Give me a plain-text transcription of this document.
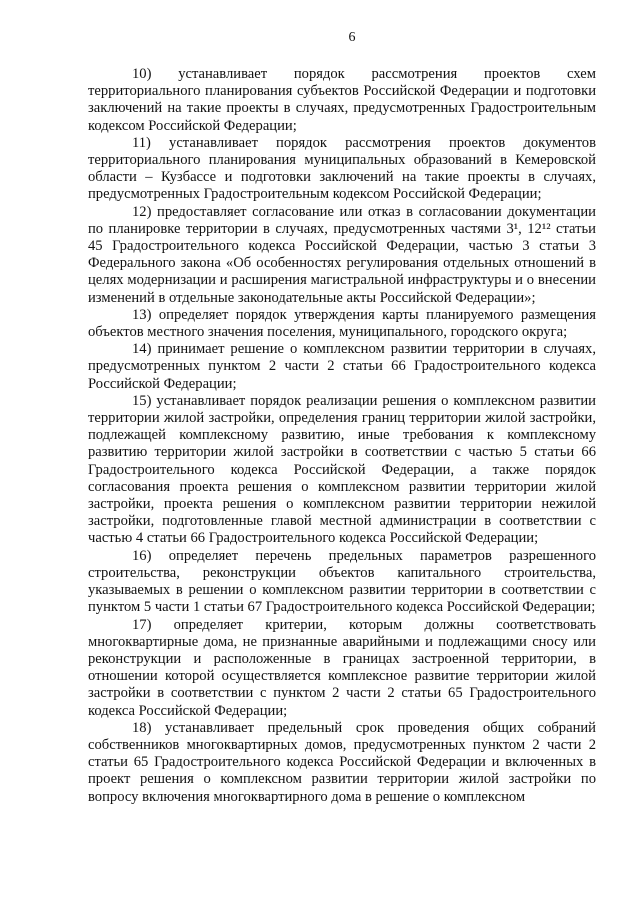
6

10) устанавливает порядок рассмотрения проектов схем территориального планирования субъектов Российской Федерации и подготовки заключений на такие проекты в случаях, предусмотренных Градостроительным кодексом Российской Федерации;

11) устанавливает порядок рассмотрения проектов документов территориального планирования муниципальных образований в Кемеровской области – Кузбассе и подготовки заключений на такие проекты в случаях, предусмотренных Градостроительным кодексом Российской Федерации;

12) предоставляет согласование или отказ в согласовании документации по планировке территории в случаях, предусмотренных частями 3¹, 12¹² статьи 45 Градостроительного кодекса Российской Федерации, частью 3 статьи 3 Федерального закона «Об особенностях регулирования отдельных отношений в целях модернизации и расширения магистральной инфраструктуры и о внесении изменений в отдельные законодательные акты Российской Федерации»;

13) определяет порядок утверждения карты планируемого размещения объектов местного значения поселения, муниципального, городского округа;

14) принимает решение о комплексном развитии территории в случаях, предусмотренных пунктом 2 части 2 статьи 66 Градостроительного кодекса Российской Федерации;

15) устанавливает порядок реализации решения о комплексном развитии территории жилой застройки, определения границ территории жилой застройки, подлежащей комплексному развитию, иные требования к комплексному развитию территории жилой застройки в соответствии с частью 5 статьи 66 Градостроительного кодекса Российской Федерации, а также порядок согласования проекта решения о комплексном развитии территории жилой застройки, проекта решения о комплексном развитии территории нежилой застройки, подготовленные главой местной администрации в соответствии с частью 4 статьи 66 Градостроительного кодекса Российской Федерации;

16) определяет перечень предельных параметров разрешенного строительства, реконструкции объектов капитального строительства, указываемых в решении о комплексном развитии территории в соответствии с пунктом 5 части 1 статьи 67 Градостроительного кодекса Российской Федерации;

17) определяет критерии, которым должны соответствовать многоквартирные дома, не признанные аварийными и подлежащими сносу или реконструкции и расположенные в границах застроенной территории, в отношении которой осуществляется комплексное развитие территории жилой застройки в соответствии с пунктом 2 части 2 статьи 65 Градостроительного кодекса Российской Федерации;

18) устанавливает предельный срок проведения общих собраний собственников многоквартирных домов, предусмотренных пунктом 2 части 2 статьи 65 Градостроительного кодекса Российской Федерации и включенных в проект решения о комплексном развитии территории жилой застройки по вопросу включения многоквартирного дома в решение о комплексном
